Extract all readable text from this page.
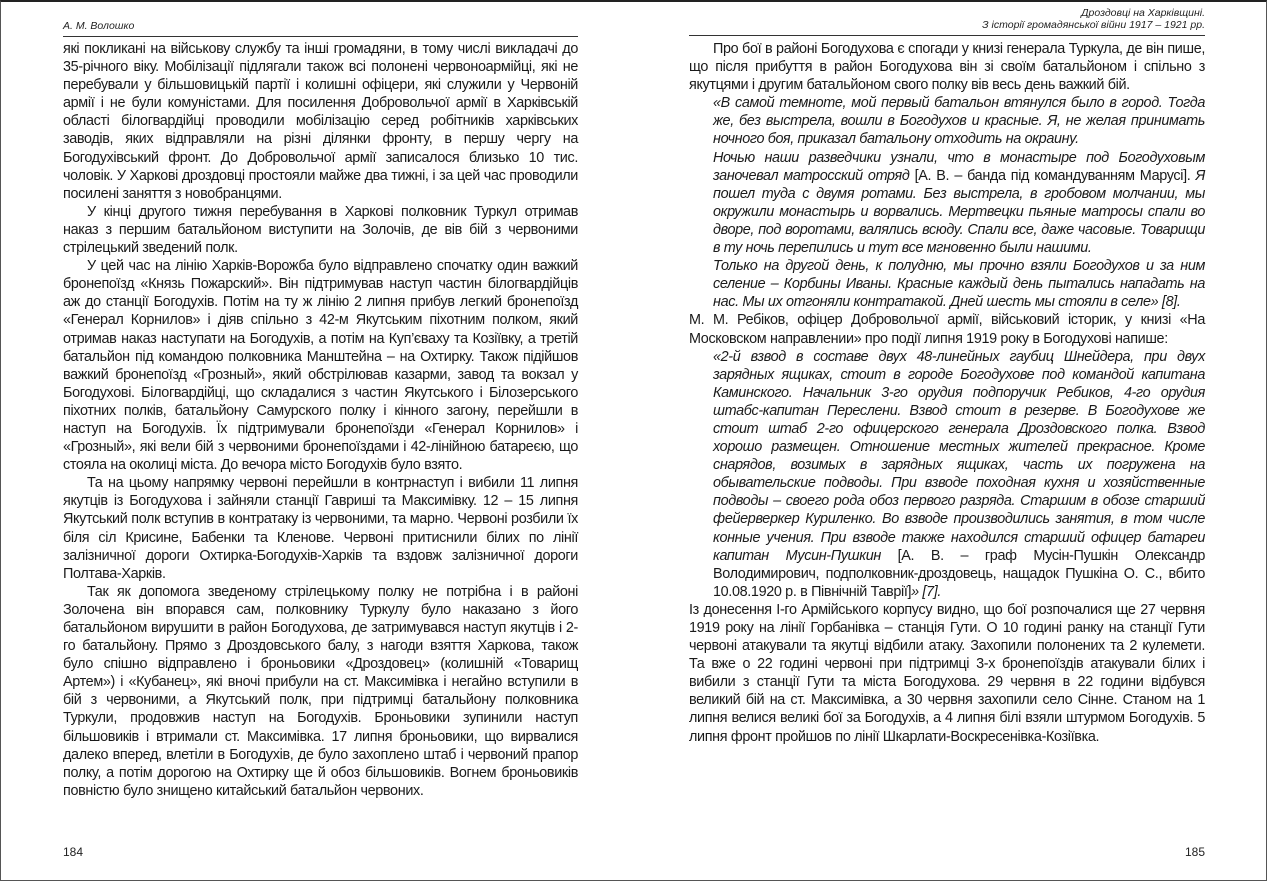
А. М. Волошко

які покликані на військову службу та інші громадяни, в тому числі викладачі до 35-річного віку. Мобілізації підлягали також всі полонені червоноармійці, які не перебували у більшовицькій партії і колишні офіцери, які служили у Червоній армії і не були комуністами. Для посилення Добровольчої армії в Харківській області білогвардійці проводили мобілізацію серед робітників харківських заводів, яких відправляли на різні ділянки фронту, в першу чергу на Богодухівський фронт. До Добровольчої армії записалося близько 10 тис. чоловік. У Харкові дроздовці простояли майже два тижні, і за цей час проводили посилені заняття з новобранцями.

У кінці другого тижня перебування в Харкові полковник Туркул отримав наказ з першим батальйоном виступити на Золочів, де вів бій з червоними стрілецький зведений полк.

У цей час на лінію Харків-Ворожба було відправлено спочатку один важкий бронепоїзд «Князь Пожарский». Він підтримував наступ частин білогвардійців аж до станції Богодухів. Потім на ту ж лінію 2 липня прибув легкий бронепоїзд «Генерал Корнилов» і діяв спільно з 42-м Якутським піхотним полком, який отримав наказ наступати на Богодухів, а потім на Куп’єваху та Козіївку, а третій батальйон під командою полковника Манштейна – на Охтирку. Також підійшов важкий бронепоїзд «Грозный», який обстрілював казарми, завод та вокзал у Богодухові. Білогвардійці, що складалися з частин Якутського і Білозерського піхотних полків, батальйону Самурского полку і кінного загону, перейшли в наступ на Богодухів. Їх підтримували бронепоїзди «Генерал Корнилов» і «Грозный», які вели бій з червоними бронепоїздами і 42-лінійною батареєю, що стояла на околиці міста. До вечора місто Богодухів було взято.

Та на цьому напрямку червоні перейшли в контрнаступ і вибили 11 липня якутців із Богодухова і зайняли станції Гавриші та Максимівку. 12 – 15 липня Якутський полк вступив в контратаку із червоними, та марно. Червоні розбили їх біля сіл Крисине, Бабенки та Кленове. Червоні притиснили білих по лінії залізничної дороги Охтирка-Богодухів-Харків та вздовж залізничної дороги Полтава-Харків.

Так як допомога зведеному стрілецькому полку не потрібна і в районі Золочена він впорався сам, полковнику Туркулу було наказано з його батальйоном вирушити в район Богодухова, де затримувався наступ якутців і 2-го батальйону. Прямо з Дроздовського балу, з нагоди взяття Харкова, також було спішно відправлено і броньовики «Дроздовец» (колишній «Товарищ Артем») і «Кубанец», які вночі прибули на ст. Максимівка і негайно вступили в бій з червоними, а Якутський полк, при підтримці батальйону полковника Туркули, продовжив наступ на Богодухів. Броньовики зупинили наступ більшовиків і втримали ст. Максимівка. 17 липня броньовики, що вирвалися далеко вперед, влетіли в Богодухів, де було захоплено штаб і червоний прапор полку, а потім дорогою на Охтирку ще й обоз більшовиків. Вогнем броньовиків повністю було знищено китайський батальйон червоних.

184
Дроздовці на Харківщині.
З історії громадянської війни 1917 – 1921 рр.

Про бої в районі Богодухова є спогади у книзі генерала Туркула, де він пише, що після прибуття в район Богодухова він зі своїм батальйоном і спільно з якутцями і другим батальйоном свого полку вів весь день важкий бій.

«В самой темноте, мой первый батальон втянулся было в город. Тогда же, без выстрела, вошли в Богодухов и красные. Я, не желая принимать ночного боя, приказал батальону отходить на окраину.

Ночью наши разведчики узнали, что в монастыре под Богодуховым заночевал матросский отряд [А. В. – банда під командуванням Марусі]. Я пошел туда с двумя ротами. Без выстрела, в гробовом молчании, мы окружили монастырь и ворвались. Мертвецки пьяные матросы спали во дворе, под воротами, валялись всюду. Спали все, даже часовые. Товарищи в ту ночь перепились и тут все мгновенно были нашими.

Только на другой день, к полудню, мы прочно взяли Богодухов и за ним селение – Корбины Иваны. Красные каждый день пытались нападать на нас. Мы их отгоняли контратакой. Дней шесть мы стояли в селе» [8].

М. М. Ребіков, офіцер Добровольчої армії, військовий історик, у книзі «На Московском направлении» про події липня 1919 року в Богодухові напише:

«2-й взвод в составе двух 48-линейных гаубиц Шнейдера, при двух зарядных ящиках, стоит в городе Богодухове под командой капитана Каминского. Начальник 3-го орудия подпоручик Ребиков, 4-го орудия штабс-капитан Переслени. Взвод стоит в резерве. В Богодухове же стоит штаб 2-го офицерского генерала Дроздовского полка. Взвод хорошо размещен. Отношение местных жителей прекрасное. Кроме снарядов, возимых в зарядных ящиках, часть их погружена на обывательские подводы. При взводе походная кухня и хозяйственные подводы – своего рода обоз первого разряда. Старшим в обозе старший фейерверкер Куриленко. Во взводе производились занятия, в том числе конные учения. При взводе также находился старший офицер батареи капитан Мусин-Пушкин [А. В. – граф Мусін-Пушкін Олександр Володимирович, подполковник-дроздовець, нащадок Пушкіна О. С., вбито 10.08.1920 р. в Північній Таврії]» [7].

Із донесення І-го Армійського корпусу видно, що бої розпочалися ще 27 червня 1919 року на лінії Горбанівка – станція Гути. О 10 годині ранку на станції Гути червоні атакували та якутці відбили атаку. Захопили полонених та 2 кулемети. Та вже о 22 годині червоні при підтримці 3-х бронепоїздів атакували білих і вибили з станції Гути та міста Богодухова. 29 червня в 22 години відбувся великий бій на ст. Максимівка, а 30 червня захопили село Сінне. Станом на 1 липня велися великі бої за Богодухів, а 4 липня білі взяли штурмом Богодухів. 5 липня фронт пройшов по лінії Шкарлати-Воскресенівка-Козіївка.

185
